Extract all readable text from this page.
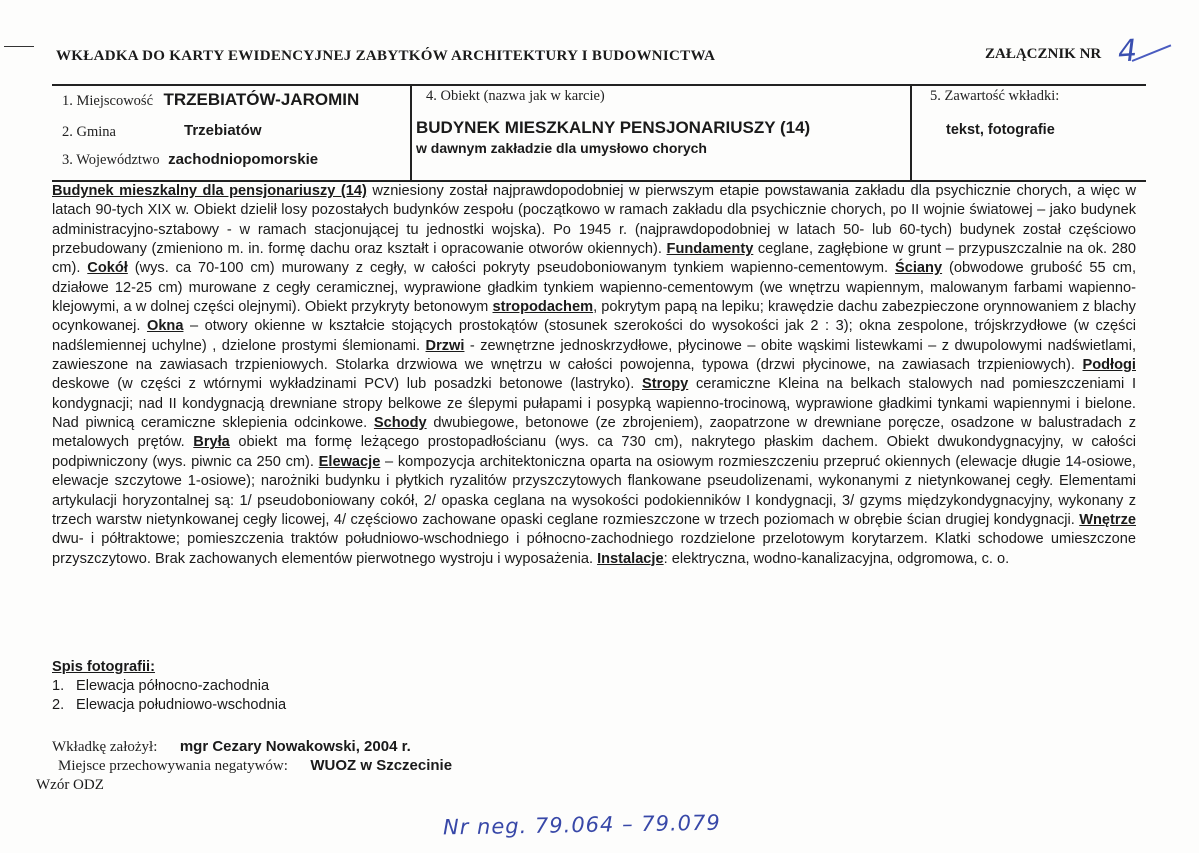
WKŁADKA DO KARTY EWIDENCYJNEJ ZABYTKÓW ARCHITEKTURY I BUDOWNICTWA	ZAŁĄCZNIK NR 4
1. Miejscowość TRZEBIATÓW-JAROMIN
2. Gmina	Trzebiatów
3. Województwo zachodniopomorskie
4. Obiekt (nazwa jak w karcie)
BUDYNEK MIESZKALNY PENSJONARIUSZY (14)
w dawnym zakładzie dla umysłowo chorych
5. Zawartość wkładki:
tekst, fotografie
Budynek mieszkalny dla pensjonariuszy (14) wzniesiony został najprawdopodobniej w pierwszym etapie powstawania zakładu dla psychicznie chorych, a więc w latach 90-tych XIX w. Obiekt dzielił losy pozostałych budynków zespołu (początkowo w ramach zakładu dla psychicznie chorych, po II wojnie światowej – jako budynek administracyjno-sztabowy - w ramach stacjonującej tu jednostki wojska). Po 1945 r. (najprawdopodobniej w latach 50- lub 60-tych) budynek został częściowo przebudowany (zmieniono m. in. formę dachu oraz kształt i opracowanie otworów okiennych). Fundamenty ceglane, zagłębione w grunt – przypuszczalnie na ok. 280 cm). Cokół (wys. ca 70-100 cm) murowany z cegły, w całości pokryty pseudoboniowanym tynkiem wapienno-cementowym. Ściany (obwodowe grubość 55 cm, działowe 12-25 cm) murowane z cegły ceramicznej, wyprawione gładkim tynkiem wapienno-cementowym (we wnętrzu wapiennym, malowanym farbami wapienno-klejowymi, a w dolnej części olejnymi). Obiekt przykryty betonowym stropodachem, pokrytym papą na lepiku; krawędzie dachu zabezpieczone orynnowaniem z blachy ocynkowanej. Okna – otwory okienne w kształcie stojących prostokątów (stosunek szerokości do wysokości jak 2 : 3); okna zespolone, trójskrzydłowe (w części nadślemiennej uchylne) , dzielone prostymi ślemionami. Drzwi - zewnętrzne jednoskrzydłowe, płycinowe – obite wąskimi listewkami – z dwupolowymi nadświetlami, zawieszone na zawiasach trzpieniowych. Stolarka drzwiowa we wnętrzu w całości powojenna, typowa (drzwi płycinowe, na zawiasach trzpieniowych). Podłogi deskowe (w części z wtórnymi wykładzinami PCV) lub posadzki betonowe (lastryko). Stropy ceramiczne Kleina na belkach stalowych nad pomieszczeniami I kondygnacji; nad II kondygnacją drewniane stropy belkowe ze ślepymi pułapami i posypką wapienno-trocinową, wyprawione gładkimi tynkami wapiennymi i bielone. Nad piwnicą ceramiczne sklepienia odcinkowe. Schody dwubiegowe, betonowe (ze zbrojeniem), zaopatrzone w drewniane poręcze, osadzone w balustradach z metalowych prętów. Bryła obiekt ma formę leżącego prostopadłościanu (wys. ca 730 cm), nakrytego płaskim dachem. Obiekt dwukondygnacyjny, w całości podpiwniczony (wys. piwnic ca 250 cm). Elewacje – kompozycja architektoniczna oparta na osiowym rozmieszczeniu przepruć okiennych (elewacje długie 14-osiowe, elewacje szczytowe 1-osiowe); narożniki budynku i płytkich ryzalitów przyszczytowych flankowane pseudolizenami, wykonanymi z nietynkowanej cegły. Elementami artykulacji horyzontalnej są: 1/ pseudoboniowany cokół, 2/ opaska ceglana na wysokości podokienników I kondygnacji, 3/ gzyms międzykondygnacyjny, wykonany z trzech warstw nietynkowanej cegły licowej, 4/ częściowo zachowane opaski ceglane rozmieszczone w trzech poziomach w obrębie ścian drugiej kondygnacji. Wnętrze dwu- i półtraktowe; pomieszczenia traktów południowo-wschodniego i północno-zachodniego rozdzielone przelotowym korytarzem. Klatki schodowe umieszczone przyszczytowo. Brak zachowanych elementów pierwotnego wystroju i wyposażenia. Instalacje: elektryczna, wodno-kanalizacyjna, odgromowa, c. o.
Spis fotografii:
1. Elewacja północno-zachodnia
2. Elewacja południowo-wschodnia
Wkładkę założył: mgr Cezary Nowakowski, 2004 r.
Miejsce przechowywania negatywów: WUOZ w Szczecinie
Wzór ODZ
Nr neg. 79.064 – 79.079
